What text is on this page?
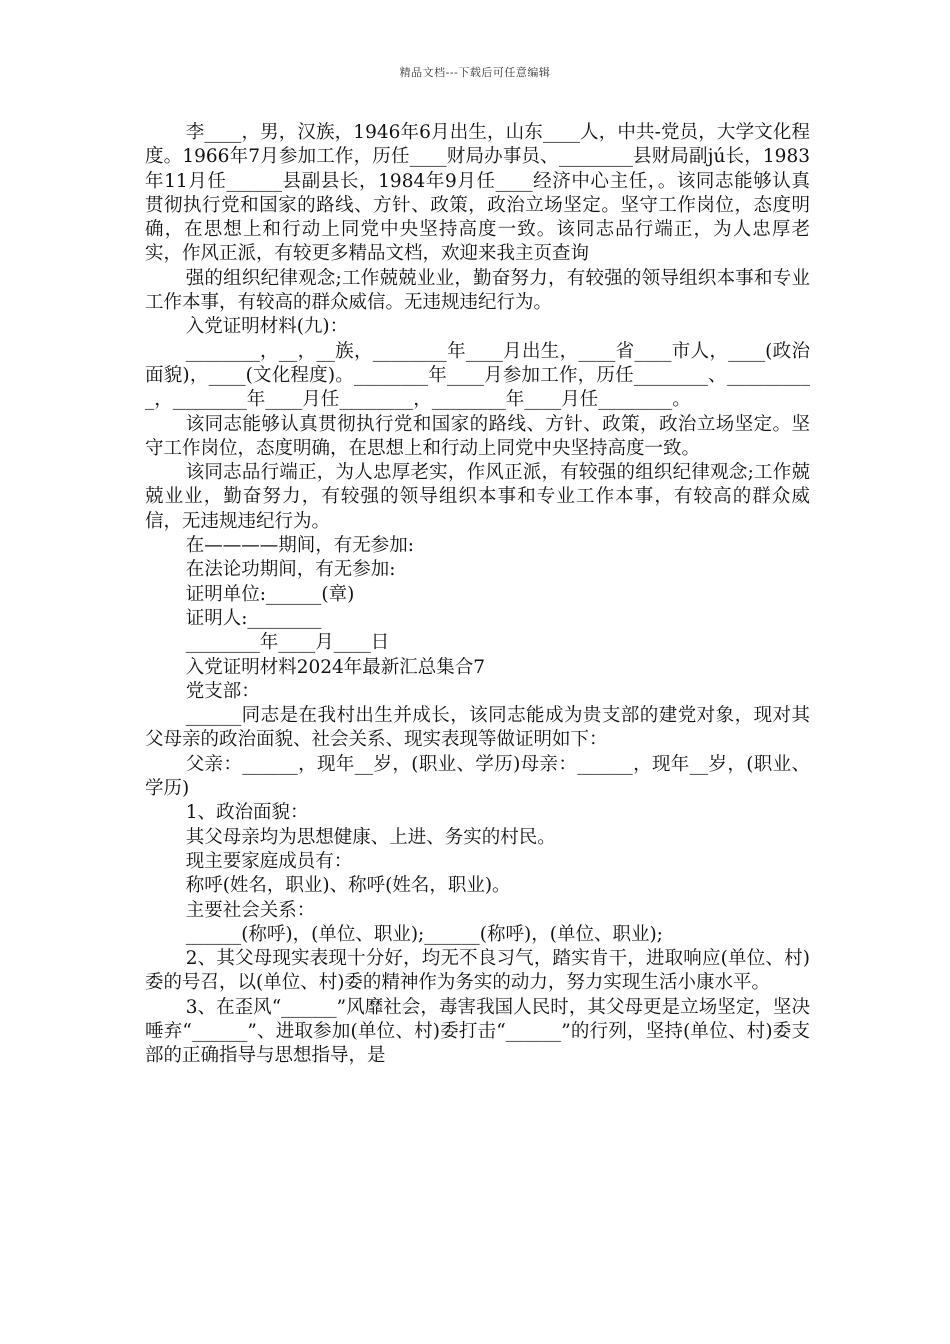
精品文档---下载后可任意编辑

李____，男，汉族，1946年6月出生，山东____人，中共-党员，大学文化程度。1966年7月参加工作，历任____财局办事员、________县财局副jú长，1983年11月任______县副县长，1984年9月任____经济中心主任，。该同志能够认真贯彻执行党和国家的路线、方针、政策，政治立场坚定。坚守工作岗位，态度明确，在思想上和行动上同党中央坚持高度一致。该同志品行端正，为人忠厚老实，作风正派，有较更多精品文档，欢迎来我主页查询

强的组织纪律观念;工作兢兢业业，勤奋努力，有较强的领导组织本事和专业工作本事，有较高的群众威信。无违规违纪行为。

入党证明材料(九)：

________，__，__族，________年____月出生，____省____市人，____(政治面貌)，____(文化程度)。________年____月参加工作，历任________、__________，________年____月任________，________年____月任________。

该同志能够认真贯彻执行党和国家的路线、方针、政策，政治立场坚定。坚守工作岗位，态度明确，在思想上和行动上同党中央坚持高度一致。

该同志品行端正，为人忠厚老实，作风正派，有较强的组织纪律观念;工作兢兢业业，勤奋努力，有较强的领导组织本事和专业工作本事，有较高的群众威信，无违规违纪行为。

在————期间，有无参加:

在法论功期间，有无参加:

证明单位:______(章)

证明人:________

________年____月____日

入党证明材料2024年最新汇总集合7

党支部：

______同志是在我村出生并成长，该同志能成为贵支部的建党对象，现对其父母亲的政治面貌、社会关系、现实表现等做证明如下：

父亲：______，现年__岁，(职业、学历)母亲：______，现年__岁，(职业、学历)

1、政治面貌：

其父母亲均为思想健康、上进、务实的村民。

现主要家庭成员有：

称呼(姓名，职业)、称呼(姓名，职业)。

主要社会关系：

______(称呼)，(单位、职业);______(称呼)，(单位、职业);

2、其父母现实表现十分好，均无不良习气，踏实肯干，进取响应(单位、村)委的号召，以(单位、村)委的精神作为务实的动力，努力实现生活小康水平。

3、在歪风“______”风靡社会，毒害我国人民时，其父母更是立场坚定，坚决唾弃“______”、进取参加(单位、村)委打击“______”的行列，坚持(单位、村)委支部的正确指导与思想指导，是
